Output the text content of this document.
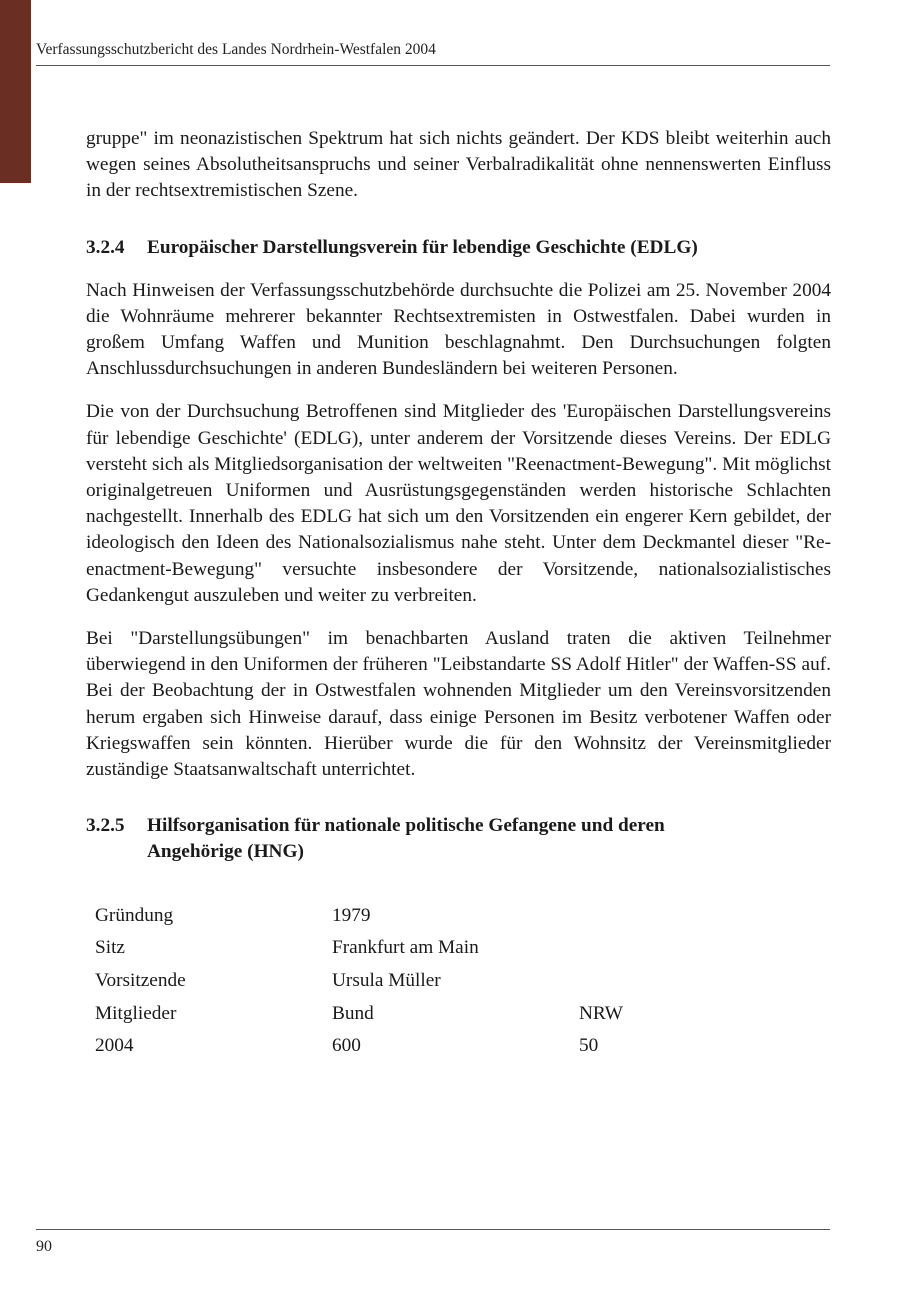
Verfassungsschutzbericht des Landes Nordrhein-Westfalen 2004

gruppe" im neonazistischen Spektrum hat sich nichts geändert. Der KDS bleibt weiterhin auch wegen seines Absolutheitsanspruchs und seiner Verbalradikalität ohne nennenswerten Einfluss in der rechtsextremistischen Szene.

3.2.4 Europäischer Darstellungsverein für lebendige Geschichte (EDLG)

Nach Hinweisen der Verfassungsschutzbehörde durchsuchte die Polizei am 25. November 2004 die Wohnräume mehrerer bekannter Rechtsextremisten in Ostwestfalen. Dabei wurden in großem Umfang Waffen und Munition beschlagnahmt. Den Durchsuchungen folgten Anschlussdurchsuchungen in anderen Bundesländern bei weiteren Personen.

Die von der Durchsuchung Betroffenen sind Mitglieder des 'Europäischen Darstellungsvereins für lebendige Geschichte' (EDLG), unter anderem der Vorsitzende dieses Vereins. Der EDLG versteht sich als Mitgliedsorganisation der weltweiten "Reenactment-Bewegung". Mit möglichst originalgetreuen Uniformen und Ausrüstungsgegenständen werden historische Schlachten nachgestellt. Innerhalb des EDLG hat sich um den Vorsitzenden ein engerer Kern gebildet, der ideologisch den Ideen des Nationalsozialismus nahe steht. Unter dem Deckmantel dieser "Re-enactment-Bewegung" versuchte insbesondere der Vorsitzende, nationalsozialistisches Gedankengut auszuleben und weiter zu verbreiten.

Bei "Darstellungsübungen" im benachbarten Ausland traten die aktiven Teilnehmer überwiegend in den Uniformen der früheren "Leibstandarte SS Adolf Hitler" der Waffen-SS auf. Bei der Beobachtung der in Ostwestfalen wohnenden Mitglieder um den Vereinsvorsitzenden herum ergaben sich Hinweise darauf, dass einige Personen im Besitz verbotener Waffen oder Kriegswaffen sein könnten. Hierüber wurde die für den Wohnsitz der Vereinsmitglieder zuständige Staatsanwaltschaft unterrichtet.

3.2.5 Hilfsorganisation für nationale politische Gefangene und deren
Angehörige (HNG)
Gründung	1979	
Sitz	Frankfurt am Main	
Vorsitzende	Ursula Müller	
Mitglieder	Bund	NRW
2004	600	50
90
